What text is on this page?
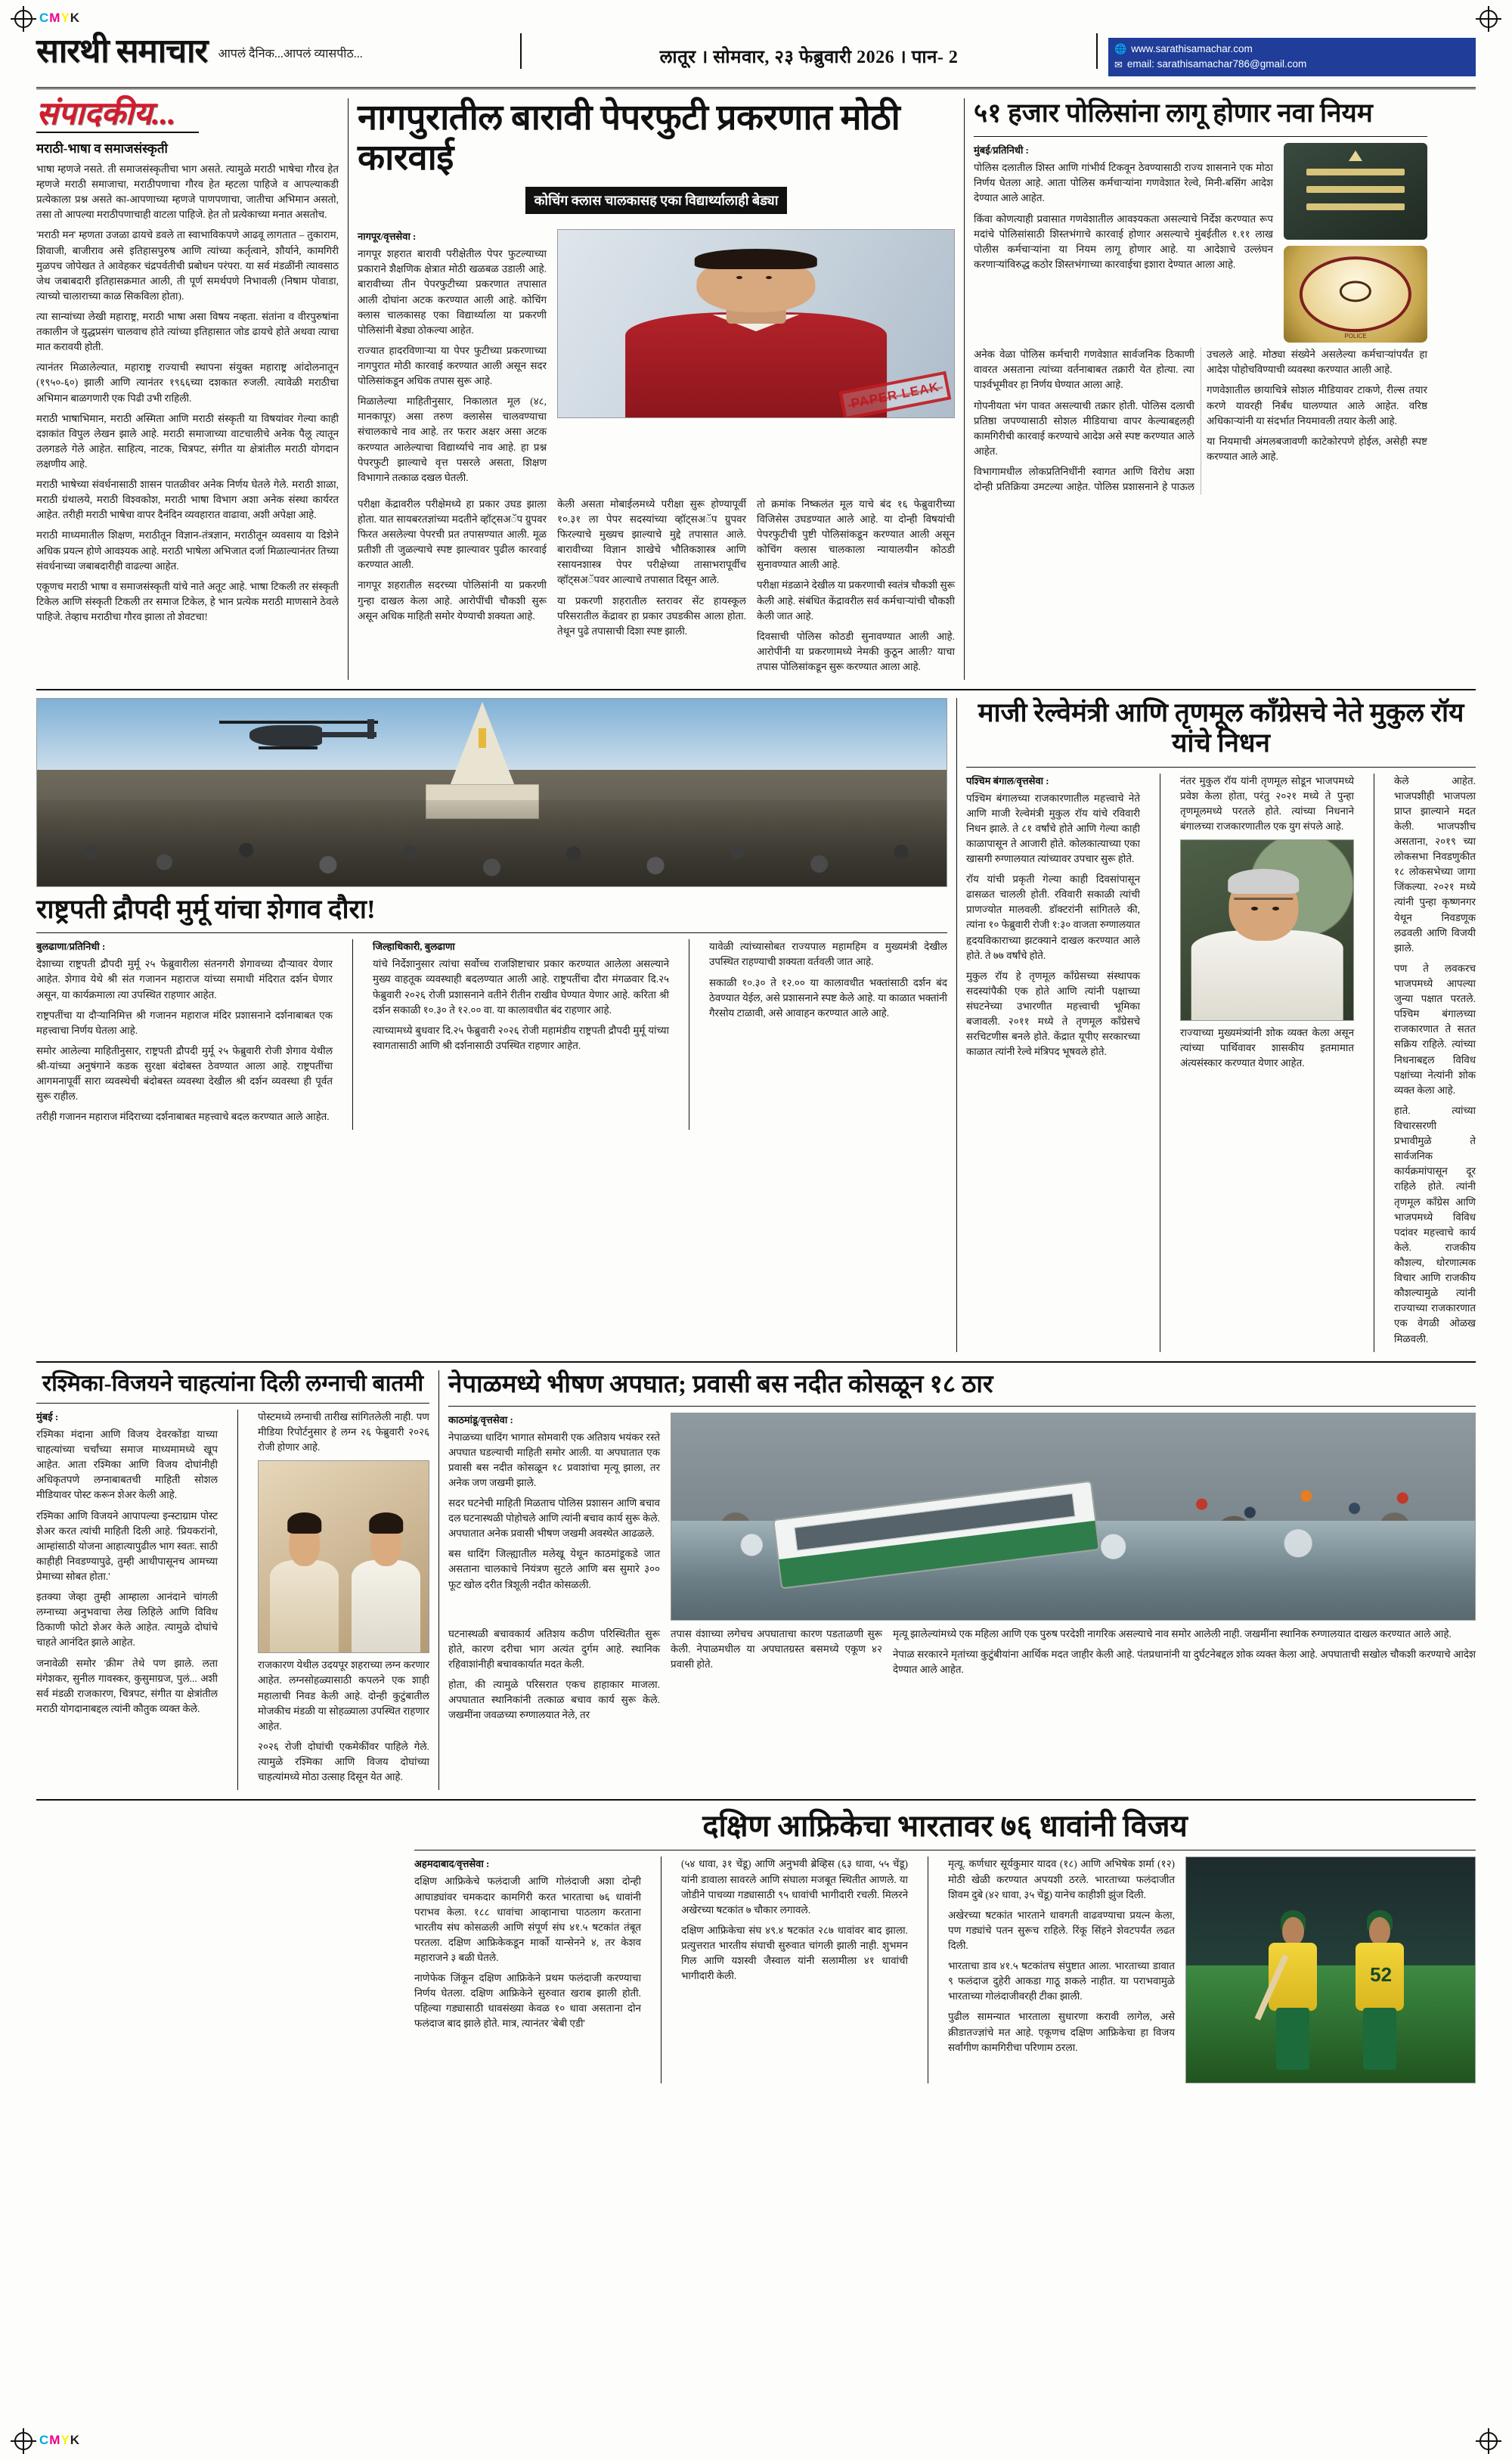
CMYK
CMYK
सारथी समाचार आपलं दैनिक...आपलं व्यासपीठ...	लातूर । सोमवार, २३ फेब्रुवारी 2026 । पान- 2	🌐 www.sarathisamachar.com
✉ email: sarathisamachar786@gmail.com
संपादकीय...
मराठी-भाषा व समाजसंस्कृती

भाषा म्हणजे नसते. ती समाजसंस्कृतीचा भाग असते. त्यामुळे मराठी भाषेचा गौरव हेत म्हणजे मराठी समाजाचा, मराठीपणाचा गौरव हेत म्हटला पाहिजे व आपल्याकडी प्रत्येकाला प्रश्न असते का-आपणाच्या म्हणजे पाणपणाचा, जातीचा अभिमान असतो, तसा तो आपल्या मराठीपणाचाही वाटला पाहिजे. हेत तो प्रत्येकाच्या मनात असतोच.

'मराठी मन' म्हणता उजळा ढायचे डवले ता स्वाभाविकपणे आढवू लागतात – तुकाराम, शिवाजी, बाजीराव असे इतिहासपुरुष आणि त्यांच्या कर्तृत्वाने, शौर्याने, कामगिरी मुळपच जोपेखत ते आवेहकर चंद्रपर्वतीची प्रबोधन परंपरा. या सर्व मंडळींनी त्यावसाठ जेथ जबाबदारी इतिहासक्रमात आली, ती पूर्ण समर्थपणे निभावली (निषाम पोवाडा, त्याच्यो चालाराच्या काळ सिकविला होता).

त्या सान्यांच्या लेखी महाराष्ट्र, मराठी भाषा असा विषय नव्हता. संतांना व वीरपुरुषांना तकालीन जे युद्धप्रसंग चालवाच होते त्यांच्या इतिहासात जोड ढायचे होते अथवा त्याचा मात करावयी होती.

त्यानंतर मिळालेल्यात, महाराष्ट्र राज्याची स्थापना संयुक्त महाराष्ट्र आंदोलनातून (१९५०-६०) झाली आणि त्यानंतर १९६६च्या दशकात रुजली. त्यावेळी मराठीचा अभिमान बाळगणारी एक पिढी उभी राहिली.

मराठी भाषाभिमान, मराठी अस्मिता आणि मराठी संस्कृती या विषयांवर गेल्या काही दशकांत विपुल लेखन झाले आहे. मराठी समाजाच्या वाटचालीचे अनेक पैलू त्यातून उलगडले गेले आहेत. साहित्य, नाटक, चित्रपट, संगीत या क्षेत्रांतील मराठी योगदान लक्षणीय आहे.

मराठी भाषेच्या संवर्धनासाठी शासन पातळीवर अनेक निर्णय घेतले गेले. मराठी शाळा, मराठी ग्रंथालये, मराठी विश्वकोश, मराठी भाषा विभाग अशा अनेक संस्था कार्यरत आहेत. तरीही मराठी भाषेचा वापर दैनंदिन व्यवहारात वाढावा, अशी अपेक्षा आहे.

मराठी माध्यमातील शिक्षण, मराठीतून विज्ञान-तंत्रज्ञान, मराठीतून व्यवसाय या दिशेने अधिक प्रयत्न होणे आवश्यक आहे. मराठी भाषेला अभिजात दर्जा मिळाल्यानंतर तिच्या संवर्धनाच्या जबाबदारीही वाढल्या आहेत.

एकूणच मराठी भाषा व समाजसंस्कृती यांचे नाते अतूट आहे. भाषा टिकली तर संस्कृती टिकेल आणि संस्कृती टिकली तर समाज टिकेल, हे भान प्रत्येक मराठी माणसाने ठेवले पाहिजे. तेव्हाच मराठीचा गौरव झाला तो शेवटचा!

नागपुरातील बारावी पेपरफुटी प्रकरणात मोठी कारवाई
कोचिंग क्लास चालकासह एका विद्यार्थ्यालाही बेड्या
नागपूर/वृत्तसेवा :

नागपूर शहरात बारावी परीक्षेतील पेपर फुटल्याच्या प्रकाराने शैक्षणिक क्षेत्रात मोठी खळबळ उडाली आहे. बारावीच्या तीन पेपरफुटीच्या प्रकरणात तपासात आली दोघांना अटक करण्यात आली आहे. कोचिंग क्लास चालकासह एका विद्यार्थ्याला या प्रकरणी पोलिसांनी बेड्या ठोकल्या आहेत.

राज्यात हादरविणाऱ्या या पेपर फुटीच्या प्रकरणाच्या नागपुरात मोठी कारवाई करण्यात आली असून सदर पोलिसांकडून अधिक तपास सुरू आहे.

मिळालेल्या माहितीनुसार, निकालात मूल (४८, मानकापूर) असा तरुण क्लासेस चालवण्याचा संचालकाचे नाव आहे. तर फरार अक्षर असा अटक करण्यात आलेल्याचा विद्यार्थ्याचे नाव आहे. हा प्रश्न पेपरफुटी झाल्याचे वृत्त पसरले असता, शिक्षण विभागाने तत्काळ दखल घेतली.

PAPER LEAK

परीक्षा केंद्रावरील परीक्षेमध्ये हा प्रकार उघड झाला होता. यात सायबरतज्ञांच्या मदतीने व्हॉट्सअॅप ग्रुपवर फिरत असलेल्या पेपरची प्रत तपासण्यात आली. मूळ प्रतीशी ती जुळल्याचे स्पष्ट झाल्यावर पुढील कारवाई करण्यात आली.

नागपूर शहरातील सदरच्या पोलिसांनी या प्रकरणी गुन्हा दाखल केला आहे. आरोपींची चौकशी सुरू असून अधिक माहिती समोर येण्याची शक्यता आहे.

केली असता मोबाईलमध्ये परीक्षा सुरू होण्यापूर्वी १०.३१ ला पेपर सदस्यांच्या व्हॉट्सअॅप ग्रुपवर फिरल्याचे मुख्यच झाल्याचे मुद्दे तपासात आले. बारावीच्या विज्ञान शाखेचे भौतिकशास्त्र आणि रसायनशास्त्र पेपर परीक्षेच्या तासाभरापूर्वीच व्हॉट्सअॅपवर आल्याचे तपासात दिसून आले.

या प्रकरणी शहरातील स्तरावर सेंट हायस्कूल परिसरातील केंद्रावर हा प्रकार उघडकीस आला होता. तेथून पुढे तपासाची दिशा स्पष्ट झाली.

तो क्रमांक निष्कलंत मूल याचे बंद १६ फेब्रुवारीच्या विजिसेस उघडण्यात आले आहे. या दोन्ही विषयांची पेपरफुटीची पुष्टी पोलिसांकडून करण्यात आली असून कोचिंग क्लास चालकाला न्यायालयीन कोठडी सुनावण्यात आली आहे.

परीक्षा मंडळाने देखील या प्रकरणाची स्वतंत्र चौकशी सुरू केली आहे. संबंधित केंद्रावरील सर्व कर्मचाऱ्यांची चौकशी केली जात आहे.

दिवसाची पोलिस कोठडी सुनावण्यात आली आहे. आरोपींनी या प्रकरणामध्ये नेमकी कुठून आली? याचा तपास पोलिसांकडून सुरू करण्यात आला आहे.

५१ हजार पोलिसांना लागू होणार नवा नियम
मुंबई/प्रतिनिधी :

पोलिस दलातील शिस्त आणि गांभीर्य टिकवून ठेवण्यासाठी राज्य शासनाने एक मोठा निर्णय घेतला आहे. आता पोलिस कर्मचाऱ्यांना गणवेशात रेल्वे, मिनी-बसिंग आदेश देण्यात आले आहेत.

किंवा कोणत्याही प्रवासात गणवेशातील आवश्यकता असल्याचे निर्देश करण्यात रूप मदांचे पोलिसांसाठी शिस्तभंगाचे कारवाई होणार असल्याचे मुंबईतील १.११ लाख पोलीस कर्मचाऱ्यांना या नियम लागू होणार आहे. या आदेशाचे उल्लंघन करणाऱ्यांविरुद्ध कठोर शिस्तभंगाच्या कारवाईचा इशारा देण्यात आला आहे.

POLICE

अनेक वेळा पोलिस कर्मचारी गणवेशात सार्वजनिक ठिकाणी वावरत असताना त्यांच्या वर्तनाबाबत तक्रारी येत होत्या. त्या पार्श्वभूमीवर हा निर्णय घेण्यात आला आहे.

गोपनीयता भंग पावत असल्याची तक्रार होती. पोलिस दलाची प्रतिष्ठा जपण्यासाठी सोशल मीडियाचा वापर केल्याबद्दलही कामगिरीची कारवाई करण्याचे आदेश असे स्पष्ट करण्यात आले आहेत.

विभागामधील लोकप्रतिनिधींनी स्वागत आणि विरोध अशा दोन्ही प्रतिक्रिया उमटल्या आहेत. पोलिस प्रशासनाने हे पाऊल उचलले आहे. मोठ्या संख्येने असलेल्या कर्मचाऱ्यांपर्यंत हा आदेश पोहोचविण्याची व्यवस्था करण्यात आली आहे.

गणवेशातील छायाचित्रे सोशल मीडियावर टाकणे, रील्स तयार करणे यावरही निर्बंध घालण्यात आले आहेत. वरिष्ठ अधिकाऱ्यांनी या संदर्भात नियमावली तयार केली आहे.

या नियमाची अंमलबजावणी काटेकोरपणे होईल, असेही स्पष्ट करण्यात आले आहे.

राष्ट्रपती द्रौपदी मुर्मू यांचा शेगाव दौरा!
बुलढाणा/प्रतिनिधी :

देशाच्या राष्ट्रपती द्रौपदी मुर्मू २५ फेब्रुवारीला संतनगरी शेगावच्या दौऱ्यावर येणार आहेत. शेगाव येथे श्री संत गजानन महाराज यांच्या समाधी मंदिरात दर्शन घेणार असून, या कार्यक्रमाला त्या उपस्थित राहणार आहेत.

राष्ट्रपतींचा या दौऱ्यानिमित्त श्री गजानन महाराज मंदिर प्रशासनाने दर्शनाबाबत एक महत्त्वाचा निर्णय घेतला आहे.

समोर आलेल्या माहितीनुसार, राष्ट्रपती द्रौपदी मुर्मू २५ फेब्रुवारी रोजी शेगाव येथील श्री-यांच्या अनुषंगाने कडक सुरक्षा बंदोबस्त ठेवण्यात आला आहे. राष्ट्रपतींचा आगमनापूर्वी सारा व्यवस्थेची बंदोबस्त व्यवस्था देखील श्री दर्शन व्यवस्था ही पूर्वत सुरू राहील.

तरीही गजानन महाराज मंदिराच्या दर्शनाबाबत महत्त्वाचे बदल करण्यात आले आहेत.

जिल्हाधिकारी, बुलढाणा

यांचे निर्देशानुसार त्यांचा सर्वोच्च राजशिष्टाचार प्रकार करण्यात आलेला असल्याने मुख्य वाहतूक व्यवस्थाही बदलण्यात आली आहे. राष्ट्रपतींचा दौरा मंगळवार दि.२५ फेब्रुवारी २०२६ रोजी प्रशासनाने वतीने रीतीन राखीव घेण्यात येणार आहे. करिता श्री दर्शन सकाळी १०.३० ते १२.०० वा. या कालावधीत बंद राहणार आहे.

त्याच्यामध्ये बुधवार दि.२५ फेब्रुवारी २०२६ रोजी महामंडीय राष्ट्रपती द्रौपदी मुर्मू यांच्या स्वागतासाठी आणि श्री दर्शनासाठी उपस्थित राहणार आहेत.

यावेळी त्यांच्यासोबत राज्यपाल महामहिम व मुख्यमंत्री देखील उपस्थित राहण्याची शक्यता वर्तवली जात आहे.

सकाळी १०.३० ते १२.०० या कालावधीत भक्तांसाठी दर्शन बंद ठेवण्यात येईल, असे प्रशासनाने स्पष्ट केले आहे. या काळात भक्तांनी गैरसोय टाळावी, असे आवाहन करण्यात आले आहे.

माजी रेल्वेमंत्री आणि तृणमूल काँग्रेसचे नेते मुकुल रॉय यांचे निधन
पश्चिम बंगाल/वृत्तसेवा :

पश्चिम बंगालच्या राजकारणातील महत्त्वाचे नेते आणि माजी रेल्वेमंत्री मुकुल रॉय यांचे रविवारी निधन झाले. ते ८१ वर्षांचे होते आणि गेल्या काही काळापासून ते आजारी होते. कोलकात्याच्या एका खासगी रुग्णालयात त्यांच्यावर उपचार सुरू होते.

रॉय यांची प्रकृती गेल्या काही दिवसांपासून ढासळत चालली होती. रविवारी सकाळी त्यांची प्राणज्योत मालवली. डॉक्टरांनी सांगितले की, त्यांना १० फेब्रुवारी रोजी १:३० वाजता रुग्णालयात हृदयविकाराच्या झटक्याने दाखल करण्यात आले होते. ते ७७ वर्षांचे होते.

मुकुल रॉय हे तृणमूल काँग्रेसच्या संस्थापक सदस्यांपैकी एक होते आणि त्यांनी पक्षाच्या संघटनेच्या उभारणीत महत्त्वाची भूमिका बजावली. २०११ मध्ये ते तृणमूल काँग्रेसचे सरचिटणीस बनले होते. केंद्रात यूपीए सरकारच्या काळात त्यांनी रेल्वे मंत्रिपद भूषवले होते.

नंतर मुकुल रॉय यांनी तृणमूल सोडून भाजपमध्ये प्रवेश केला होता, परंतु २०२१ मध्ये ते पुन्हा तृणमूलमध्ये परतले होते. त्यांच्या निधनाने बंगालच्या राजकारणातील एक युग संपले आहे.

राज्याच्या मुख्यमंत्र्यांनी शोक व्यक्त केला असून त्यांच्या पार्थिवावर शासकीय इतमामात अंत्यसंस्कार करण्यात येणार आहेत.

केले आहेत. भाजपशीही भाजपला प्राप्त झाल्याने मदत केली. भाजपशीच असताना, २०१९ च्या लोकसभा निवडणुकीत १८ लोकसभेच्या जागा जिंकल्या. २०२१ मध्ये त्यांनी पुन्हा कृष्णनगर येथून निवडणूक लढवली आणि विजयी झाले.

पण ते लवकरच भाजपमध्ये आपल्या जुन्या पक्षात परतले. पश्चिम बंगालच्या राजकारणात ते सतत सक्रिय राहिले. त्यांच्या निधनाबद्दल विविध पक्षांच्या नेत्यांनी शोक व्यक्त केला आहे.

हाते. त्यांच्या विचारसरणी प्रभावीमुळे ते सार्वजनिक कार्यक्रमांपासून दूर राहिले होते. त्यांनी तृणमूल काँग्रेस आणि भाजपमध्ये विविध पदांवर महत्त्वाचे कार्य केले. राजकीय कौशल्य, धोरणात्मक विचार आणि राजकीय कौशल्यामुळे त्यांनी राज्याच्या राजकारणात एक वेगळी ओळख मिळवली.

रश्मिका-विजयने चाहत्यांना दिली लग्नाची बातमी
मुंबई :

रश्मिका मंदाना आणि विजय देवरकोंडा याच्या चाहत्यांच्या चर्चांच्या समाज माध्यमामध्ये खूप आहेत. आता रश्मिका आणि विजय दोघांनीही अधिकृतपणे लग्नाबाबतची माहिती सोशल मीडियावर पोस्ट करून शेअर केली आहे.

रश्मिका आणि विजयने आपापल्या इन्स्टाग्राम पोस्ट शेअर करत त्यांची माहिती दिली आहे. 'प्रियकरांनो, आम्हांसाठी योजना आहात्यापुढील भाग स्वतः. साठी काहीही निवडण्यापुढे, तुम्ही आधीपासूनच आमच्या प्रेमाच्या सोबत होता.'

इतक्या जेव्हा तुम्ही आम्हाला आनंदाने चांगली लग्नाच्या अनुभवाचा लेख लिहिले आणि विविध ठिकाणी फोटो शेअर केले आहेत. त्यामुळे दोघांचे चाहते आनंदित झाले आहेत.

जनावेळी समोर 'क्रीम' तेथे पण झाले. लता मंगेशकर, सुनील गावस्कर, कुसुमाग्रज, पुलं... अशी सर्व मंडळी राजकारण, चित्रपट, संगीत या क्षेत्रांतील मराठी योगदानाबद्दल त्यांनी कौतुक व्यक्त केले.

पोस्टमध्ये लग्नाची तारीख सांगितलेली नाही. पण मीडिया रिपोर्टनुसार हे लग्न २६ फेब्रुवारी २०२६ रोजी होणार आहे.

राजकारण येथील उदयपूर शहराच्या लग्न करणार आहेत. लग्नसोहळ्यासाठी कपलने एक शाही महालाची निवड केली आहे. दोन्ही कुटुंबातील मोजकीच मंडळी या सोहळ्याला उपस्थित राहणार आहेत.

२०२६ रोजी दोघांची एकमेकींवर पाहिले गेले. त्यामुळे रश्मिका आणि विजय दोघांच्या चाहत्यांमध्ये मोठा उत्साह दिसून येत आहे.

नेपाळमध्ये भीषण अपघात; प्रवासी बस नदीत कोसळून १८ ठार
काठमांडू/वृत्तसेवा :

नेपाळच्या धादिंग भागात सोमवारी एक अतिशय भयंकर रस्ते अपघात घडल्याची माहिती समोर आली. या अपघातात एक प्रवासी बस नदीत कोसळून १८ प्रवाशांचा मृत्यू झाला, तर अनेक जण जखमी झाले.

सदर घटनेची माहिती मिळताच पोलिस प्रशासन आणि बचाव दल घटनास्थळी पोहोचले आणि त्यांनी बचाव कार्य सुरू केले. अपघातात अनेक प्रवासी भीषण जखमी अवस्थेत आढळले.

बस धादिंग जिल्ह्यातील मलेखू येथून काठमांडूकडे जात असताना चालकाचे नियंत्रण सुटले आणि बस सुमारे ३०० फूट खोल दरीत त्रिशूली नदीत कोसळली.

घटनास्थळी बचावकार्य अतिशय कठीण परिस्थितीत सुरू होते, कारण दरीचा भाग अत्यंत दुर्गम आहे. स्थानिक रहिवाशांनीही बचावकार्यात मदत केली.

होता, की त्यामुळे परिसरात एकच हाहाकार माजला. अपघातात स्थानिकांनी तत्काळ बचाव कार्य सुरू केले. जखमींना जवळच्या रुग्णालयात नेले, तर

तपास वंशाच्या लगेचच अपघाताचा कारण पडताळणी सुरू केली. नेपाळमधील या अपघातग्रस्त बसमध्ये एकूण ४२ प्रवासी होते.

मृत्यू झालेल्यांमध्ये एक महिला आणि एक पुरुष परदेशी नागरिक असल्याचे नाव समोर आलेली नाही. जखमींना स्थानिक रुग्णालयात दाखल करण्यात आले आहे.

नेपाळ सरकारने मृतांच्या कुटुंबीयांना आर्थिक मदत जाहीर केली आहे. पंतप्रधानांनी या दुर्घटनेबद्दल शोक व्यक्त केला आहे. अपघाताची सखोल चौकशी करण्याचे आदेश देण्यात आले आहेत.

दक्षिण आफ्रिकेचा भारतावर ७६ धावांनी विजय
अहमदाबाद/वृत्तसेवा :

दक्षिण आफ्रिकेचे फलंदाजी आणि गोलंदाजी अशा दोन्ही आघाड्यांवर चमकदार कामगिरी करत भारताचा ७६ धावांनी पराभव केला. १८८ धावांचा आव्हानाचा पाठलाग करताना भारतीय संघ कोसळली आणि संपूर्ण संघ ४१.५ षटकांत तंबूत परतला. दक्षिण आफ्रिकेकडून मार्को यान्सेनने ४, तर केशव महाराजने ३ बळी घेतले.

नाणेफेक जिंकून दक्षिण आफ्रिकेने प्रथम फलंदाजी करण्याचा निर्णय घेतला. दक्षिण आफ्रिकेने सुरुवात खराब झाली होती. पहिल्या गड्यासाठी धावसंख्या केवळ १० धावा असताना दोन फलंदाज बाद झाले होते. मात्र, त्यानंतर 'बेबी एडी'

(५४ धावा, ३१ चेंडू) आणि अनुभवी ब्रेव्हिस (६३ धावा, ५५ चेंडू) यांनी डावाला सावरले आणि संघाला मजबूत स्थितीत आणले. या जोडीने पाचव्या गड्यासाठी ९५ धावांची भागीदारी रचली. मिलरने अखेरच्या षटकांत ७ चौकार लगावले.

दक्षिण आफ्रिकेचा संघ ४९.४ षटकांत २८७ धावांवर बाद झाला. प्रत्युत्तरात भारतीय संघाची सुरुवात चांगली झाली नाही. शुभमन गिल आणि यशस्वी जैस्वाल यांनी सलामीला ४१ धावांची भागीदारी केली.

मृत्यू. कर्णधार सूर्यकुमार यादव (१८) आणि अभिषेक शर्मा (१२) मोठी खेळी करण्यात अपयशी ठरले. भारताच्या फलंदाजीत शिवम दुबे (४२ धावा, ३५ चेंडू) यानेच काहीशी झुंज दिली.

अखेरच्या षटकांत भारताने धावगती वाढवण्याचा प्रयत्न केला, पण गड्यांचे पतन सुरूच राहिले. रिंकू सिंहने शेवटपर्यंत लढत दिली.

भारताचा डाव ४१.५ षटकांतच संपुष्टात आला. भारताच्या डावात ९ फलंदाज दुहेरी आकडा गाठू शकले नाहीत. या पराभवामुळे भारताच्या गोलंदाजीवरही टीका झाली.

पुढील सामन्यात भारताला सुधारणा करावी लागेल, असे क्रीडातज्ज्ञांचे मत आहे. एकूणच दक्षिण आफ्रिकेचा हा विजय सर्वांगीण कामगिरीचा परिणाम ठरला.

52
